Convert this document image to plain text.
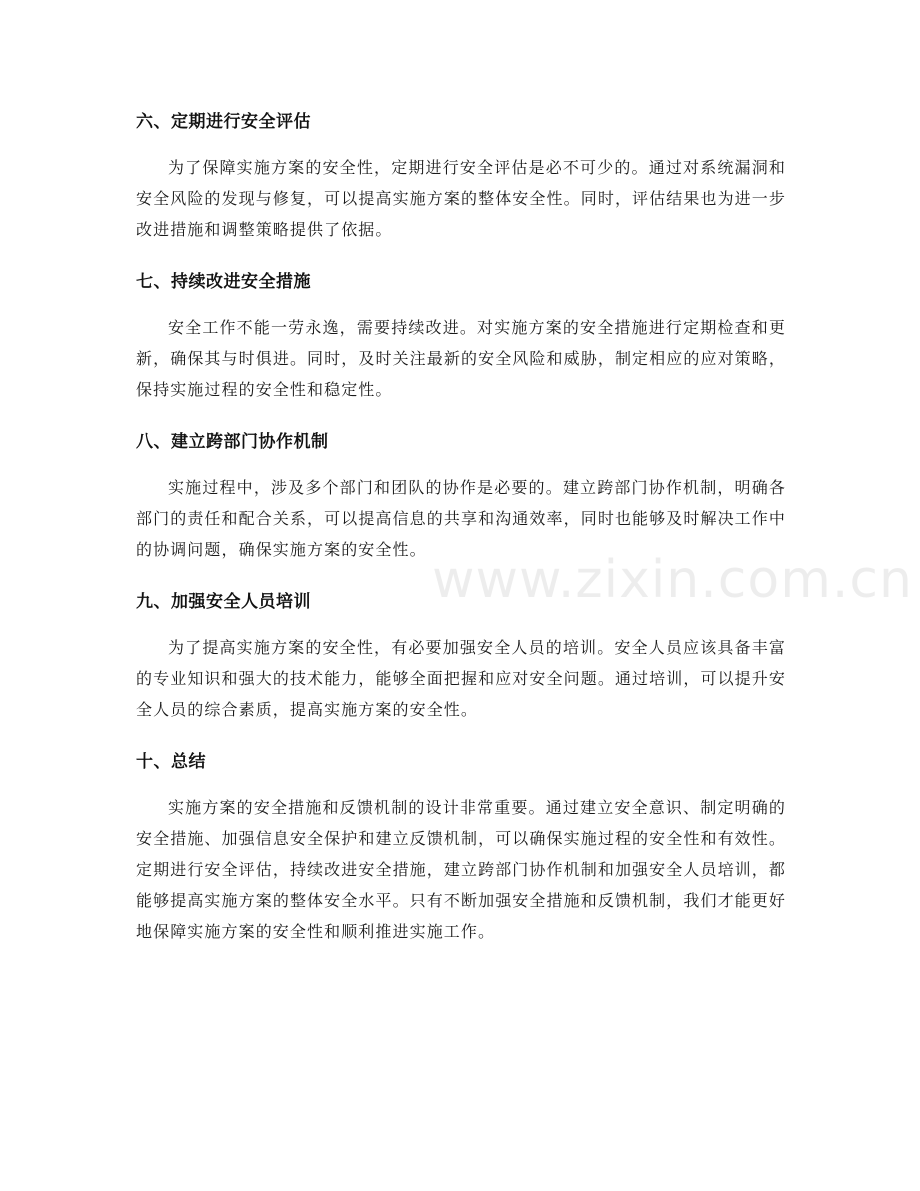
六、定期进行安全评估

为了保障实施方案的安全性，定期进行安全评估是必不可少的。通过对系统漏洞和安全风险的发现与修复，可以提高实施方案的整体安全性。同时，评估结果也为进一步改进措施和调整策略提供了依据。

七、持续改进安全措施

安全工作不能一劳永逸，需要持续改进。对实施方案的安全措施进行定期检查和更新，确保其与时俱进。同时，及时关注最新的安全风险和威胁，制定相应的应对策略，保持实施过程的安全性和稳定性。

八、建立跨部门协作机制

实施过程中，涉及多个部门和团队的协作是必要的。建立跨部门协作机制，明确各部门的责任和配合关系，可以提高信息的共享和沟通效率，同时也能够及时解决工作中的协调问题，确保实施方案的安全性。

九、加强安全人员培训

为了提高实施方案的安全性，有必要加强安全人员的培训。安全人员应该具备丰富的专业知识和强大的技术能力，能够全面把握和应对安全问题。通过培训，可以提升安全人员的综合素质，提高实施方案的安全性。

十、总结

实施方案的安全措施和反馈机制的设计非常重要。通过建立安全意识、制定明确的安全措施、加强信息安全保护和建立反馈机制，可以确保实施过程的安全性和有效性。定期进行安全评估，持续改进安全措施，建立跨部门协作机制和加强安全人员培训，都能够提高实施方案的整体安全水平。只有不断加强安全措施和反馈机制，我们才能更好地保障实施方案的安全性和顺利推进实施工作。

www.zixin.com.cn
